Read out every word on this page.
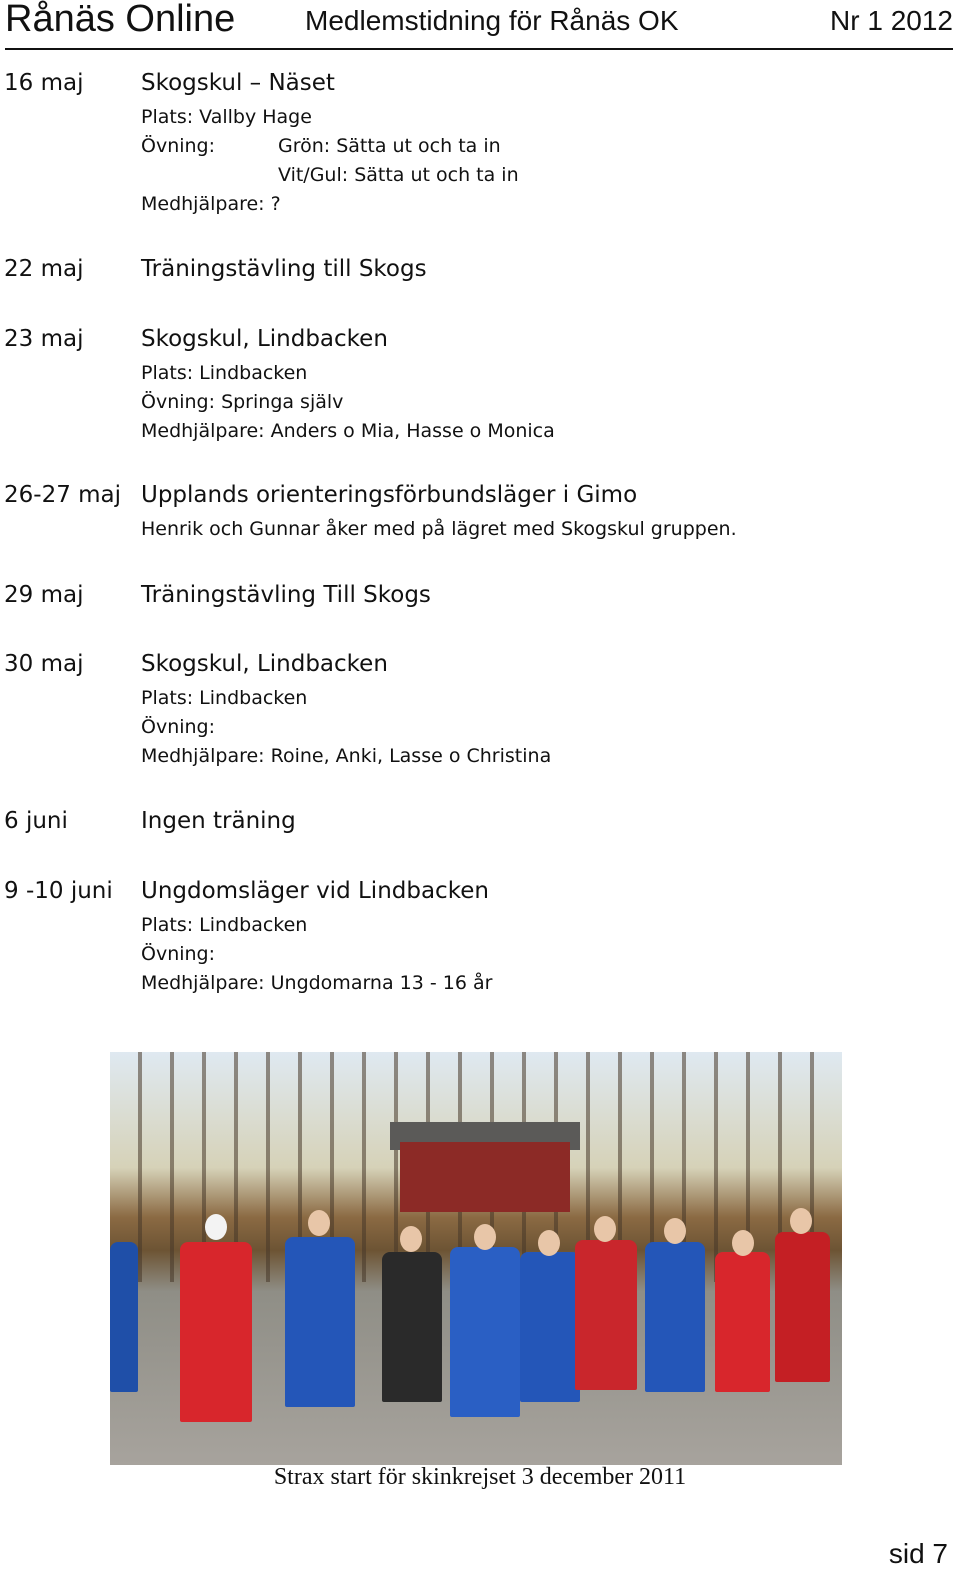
Rånäs Online Medlemstidning för Rånäs OK	Nr 1 2012
16 maj	Skogskul – Näset
Plats: Vallby Hage
Övning:	Grön: Sätta ut och ta in
Vit/Gul: Sätta ut och ta in
Medhjälpare: ?
22 maj	Träningstävling till Skogs
23 maj	Skogskul, Lindbacken
Plats: Lindbacken
Övning: Springa själv
Medhjälpare: Anders o Mia, Hasse o Monica
26-27 maj Upplands orienteringsförbundsläger i Gimo
Henrik och Gunnar åker med på lägret med Skogskul gruppen.
29 maj	Träningstävling Till Skogs
30 maj	Skogskul, Lindbacken
Plats: Lindbacken
Övning:
Medhjälpare: Roine, Anki, Lasse o Christina
6 juni	Ingen träning
9 -10 juni Ungdomsläger vid Lindbacken
Plats: Lindbacken
Övning:
Medhjälpare: Ungdomarna 13 - 16 år
Strax start för skinkrejset 3 december 2011
sid 7
